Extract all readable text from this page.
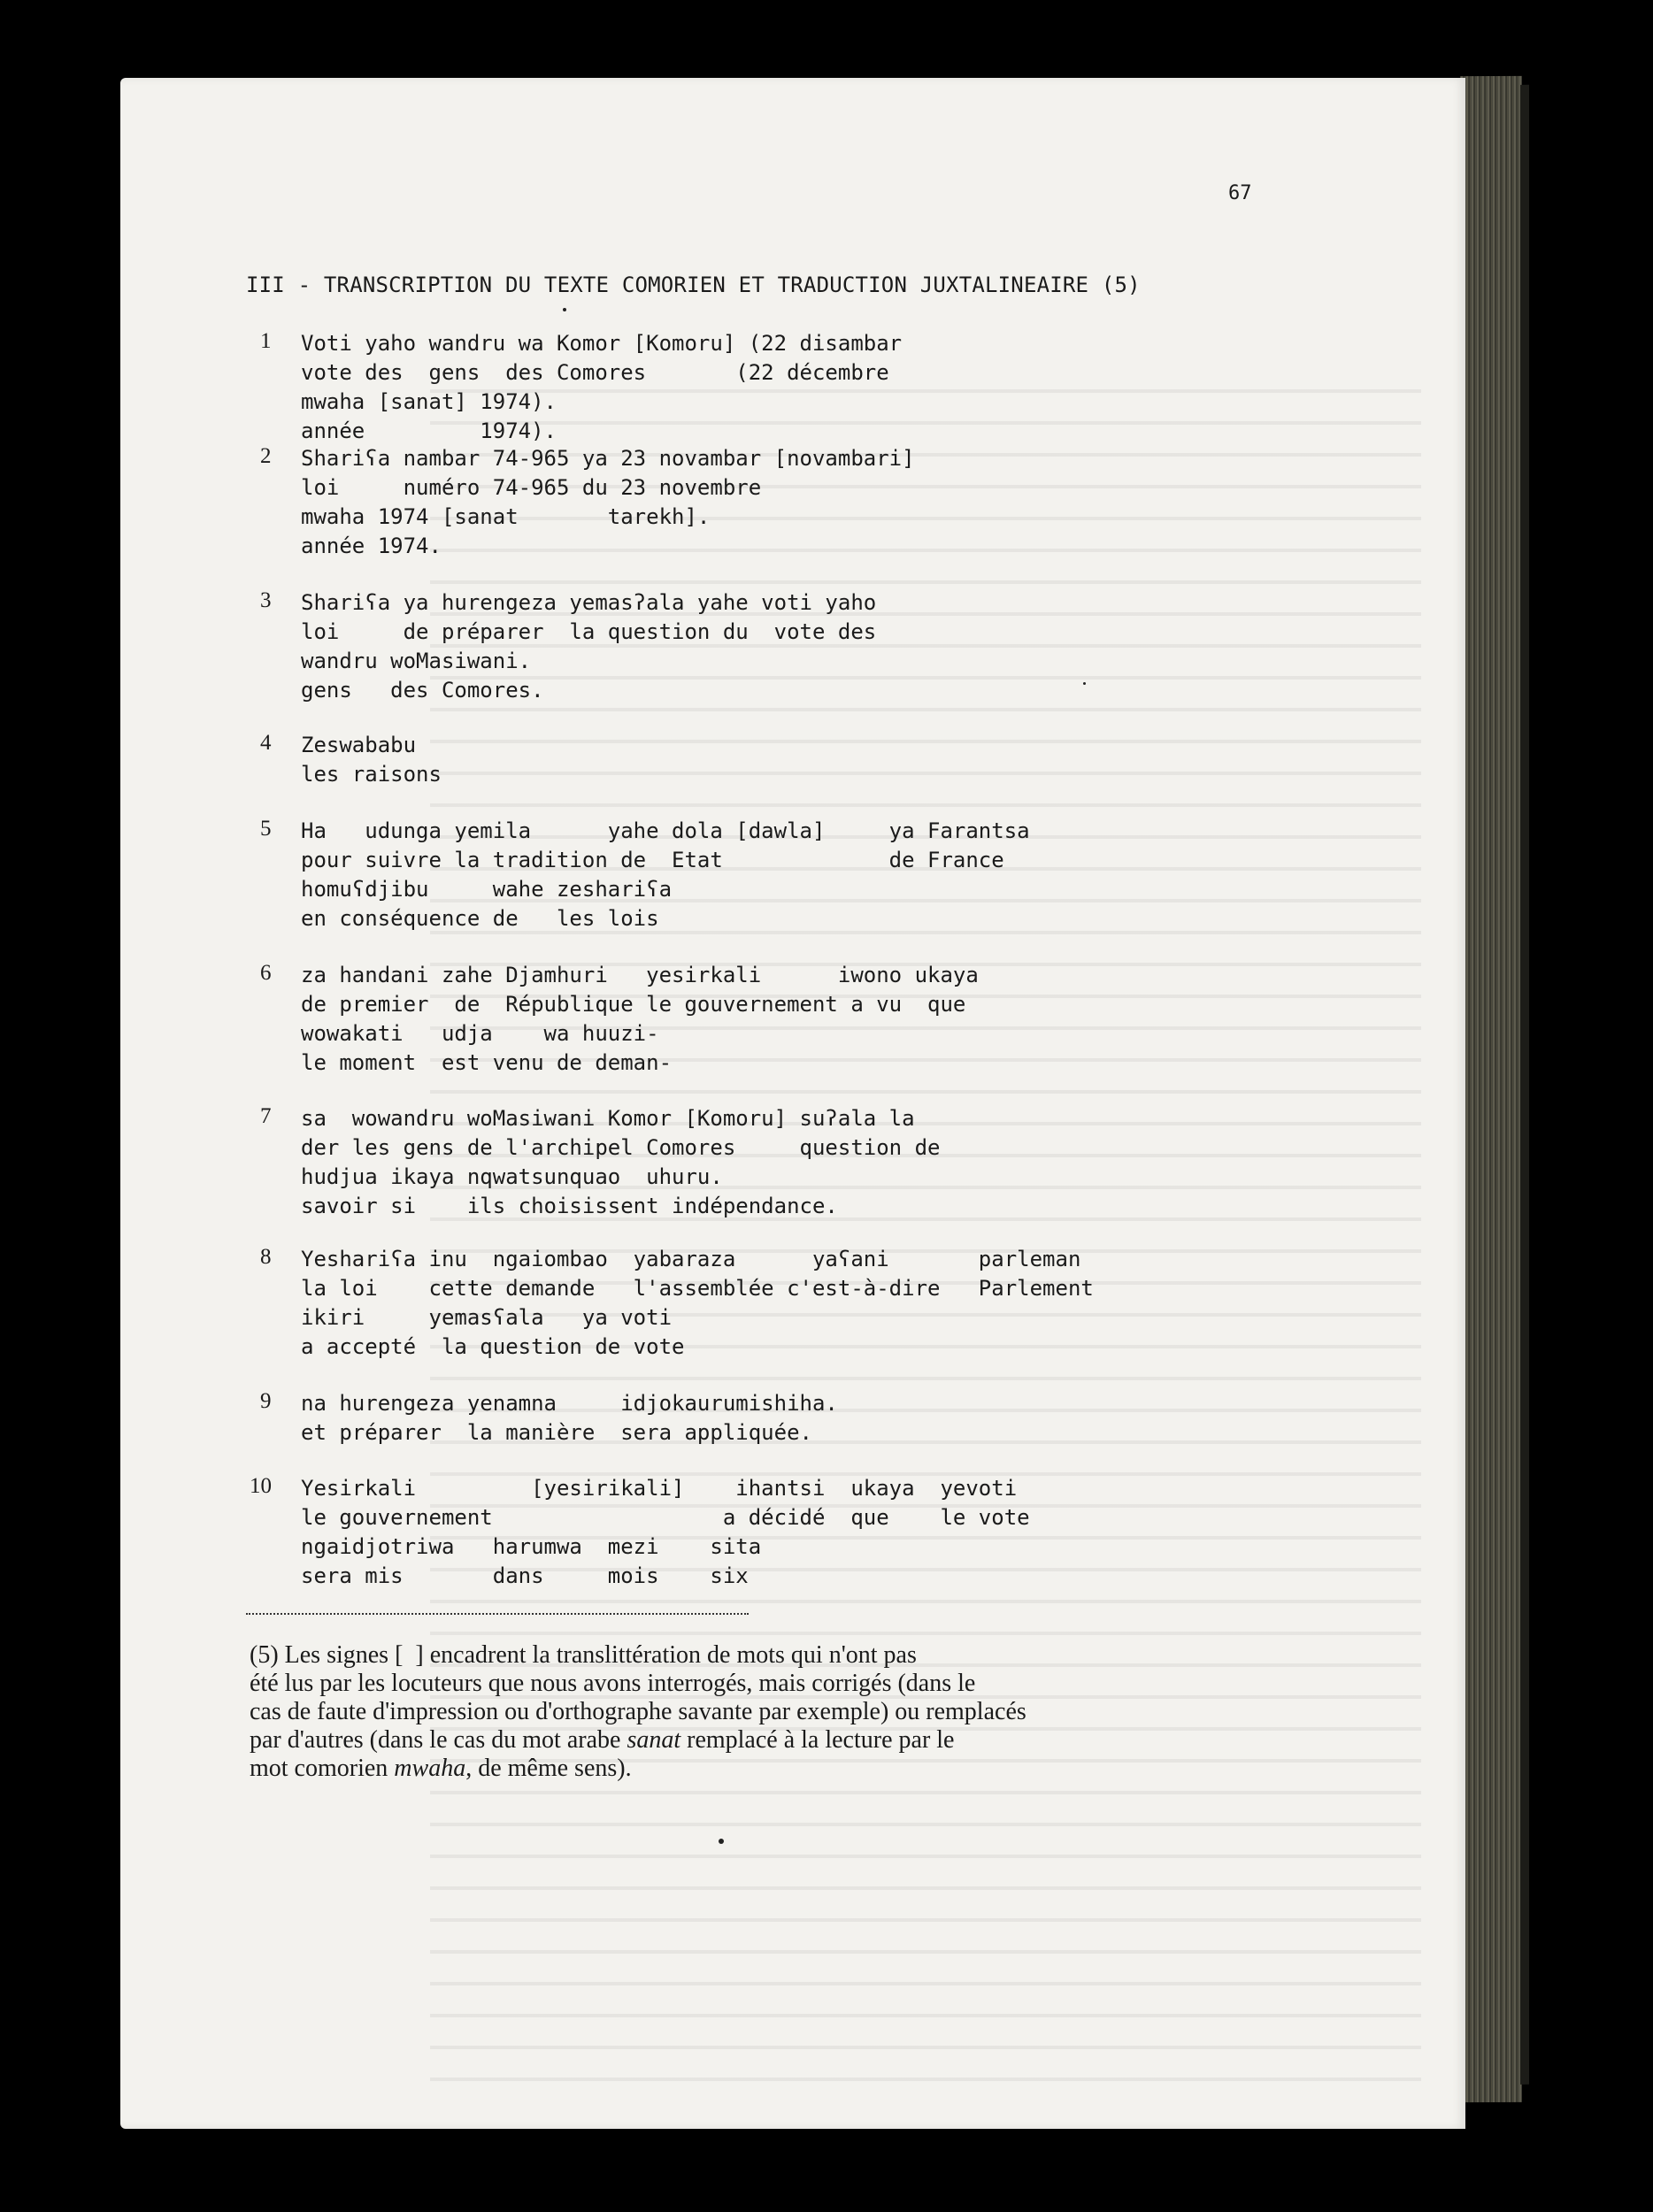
67
III - TRANSCRIPTION DU TEXTE COMORIEN ET TRADUCTION JUXTALINEAIRE (5)
1 Voti yaho wandru wa Komor [Komoru] (22 disambar
vote des  gens  des Comores       (22 décembre
mwaha [sanat] 1974).
année         1974).
2 Shariʕa nambar 74-965 ya 23 novambar [novambari]
loi     numéro 74-965 du 23 novembre
mwaha 1974 [sanat       tarekh].
année 1974.
3 Shariʕa ya hurengeza yemasʔala yahe voti yaho
loi     de préparer  la question du  vote des
wandru woMasiwani.
gens   des Comores.
4 Zeswababu
les raisons
5 Ha   udunga yemila      yahe dola [dawla]     ya Farantsa
pour suivre la tradition de  Etat             de France
homuʕdjibu     wahe zeshariʕa
en conséquence de   les lois
6 za handani zahe Djamhuri   yesirkali      iwono ukaya
de premier  de  République le gouvernement a vu  que
wowakati   udja    wa huuzi-
le moment  est venu de deman-
7 sa  wowandru woMasiwani Komor [Komoru] suʔala la
der les gens de l'archipel Comores     question de
hudjua ikaya nqwatsunquao  uhuru.
savoir si    ils choisissent indépendance.
8 Yeshariʕa inu  ngaiombao  yabaraza      yaʕani       parleman
la loi    cette demande   l'assemblée c'est-à-dire   Parlement
ikiri     yemasʕala   ya voti
a accepté  la question de vote
9 na hurengeza yenamna     idjokaurumishiha.
et préparer  la manière  sera appliquée.
10 Yesirkali         [yesirikali]    ihantsi  ukaya  yevoti
le gouvernement                  a décidé  que    le vote
ngaidjotriwa   harumwa  mezi    sita
sera mis       dans     mois    six

(5) Les signes [  ] encadrent la translittération de mots qui n'ont pas

été lus par les locuteurs que nous avons interrogés, mais corrigés (dans le

cas de faute d'impression ou d'orthographe savante par exemple) ou remplacés

par d'autres (dans le cas du mot arabe sanat remplacé à la lecture par le

mot comorien mwaha, de même sens).
